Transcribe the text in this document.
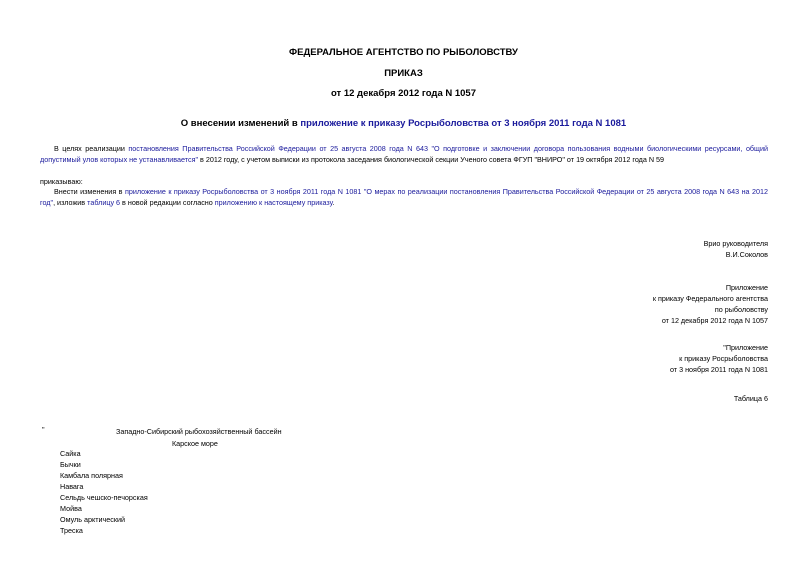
ФЕДЕРАЛЬНОЕ АГЕНТСТВО ПО РЫБОЛОВСТВУ
ПРИКАЗ
от 12 декабря 2012 года N 1057
О внесении изменений в приложение к приказу Росрыболовства от 3 ноября 2011 года N 1081
В целях реализации постановления Правительства Российской Федерации от 25 августа 2008 года N 643 "О подготовке и заключении договора пользования водными биологическими ресурсами, общий допустимый улов которых не устанавливается" в 2012 году, с учетом выписки из протокола заседания биологической секции Ученого совета ФГУП "ВНИРО" от 19 октября 2012 года N 59
приказываю:
Внести изменения в приложение к приказу Росрыболовства от 3 ноября 2011 года N 1081 "О мерах по реализации постановления Правительства Российской Федерации от 25 августа 2008 года N 643 на 2012 год", изложив таблицу 6 в новой редакции согласно приложению к настоящему приказу.
Врио руководителя
В.И.Соколов
Приложение
к приказу Федерального агентства
по рыболовству
от 12 декабря 2012 года N 1057
"Приложение
к приказу Росрыболовства
от 3 ноября 2011 года N 1081
Таблица 6
"	Западно-Сибирский рыбохозяйственный бассейн
Карское море
Сайка
Бычки
Камбала полярная
Навага
Сельдь чешско-печорская
Мойва
Омуль арктический
Треска
